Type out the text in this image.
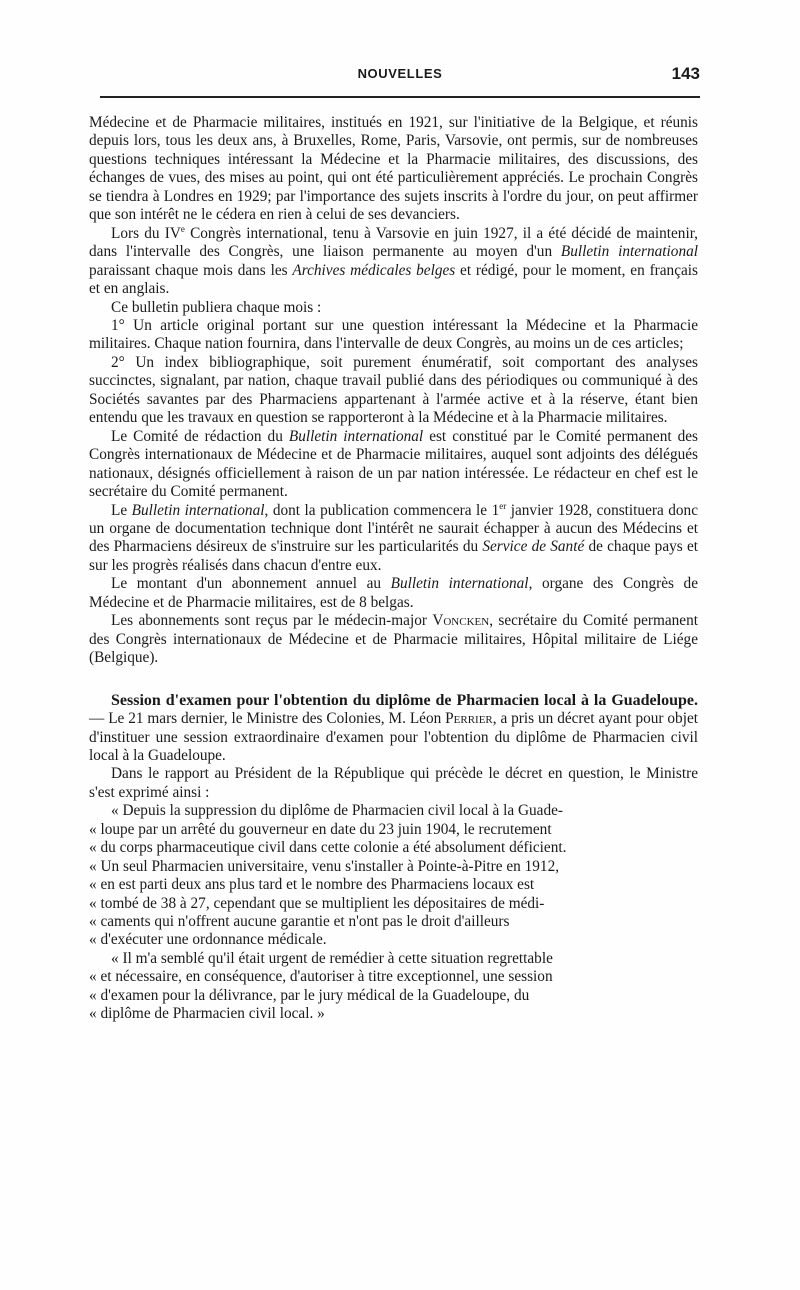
NOUVELLES	143

Médecine et de Pharmacie militaires, institués en 1921, sur l'initiative de la Belgique, et réunis depuis lors, tous les deux ans, à Bruxelles, Rome, Paris, Varsovie, ont permis, sur de nombreuses questions techniques intéressant la Médecine et la Pharmacie militaires, des discussions, des échanges de vues, des mises au point, qui ont été particulièrement appréciés. Le prochain Congrès se tiendra à Londres en 1929; par l'importance des sujets inscrits à l'ordre du jour, on peut affirmer que son intérêt ne le cédera en rien à celui de ses devanciers.

Lors du IVe Congrès international, tenu à Varsovie en juin 1927, il a été décidé de maintenir, dans l'intervalle des Congrès, une liaison permanente au moyen d'un Bulletin international paraissant chaque mois dans les Archives médicales belges et rédigé, pour le moment, en français et en anglais.

Ce bulletin publiera chaque mois :

1° Un article original portant sur une question intéressant la Médecine et la Pharmacie militaires. Chaque nation fournira, dans l'intervalle de deux Congrès, au moins un de ces articles;

2° Un index bibliographique, soit purement énumératif, soit comportant des analyses succinctes, signalant, par nation, chaque travail publié dans des périodiques ou communiqué à des Sociétés savantes par des Pharmaciens appartenant à l'armée active et à la réserve, étant bien entendu que les travaux en question se rapporteront à la Médecine et à la Pharmacie militaires.

Le Comité de rédaction du Bulletin international est constitué par le Comité permanent des Congrès internationaux de Médecine et de Pharmacie militaires, auquel sont adjoints des délégués nationaux, désignés officiellement à raison de un par nation intéressée. Le rédacteur en chef est le secrétaire du Comité permanent.

Le Bulletin international, dont la publication commencera le 1er janvier 1928, constituera donc un organe de documentation technique dont l'intérêt ne saurait échapper à aucun des Médecins et des Pharmaciens désireux de s'instruire sur les particularités du Service de Santé de chaque pays et sur les progrès réalisés dans chacun d'entre eux.

Le montant d'un abonnement annuel au Bulletin international, organe des Congrès de Médecine et de Pharmacie militaires, est de 8 belgas.

Les abonnements sont reçus par le médecin-major Voncken, secrétaire du Comité permanent des Congrès internationaux de Médecine et de Pharmacie militaires, Hôpital militaire de Liége (Belgique).

Session d'examen pour l'obtention du diplôme de Pharmacien local à la Guadeloupe. — Le 21 mars dernier, le Ministre des Colonies, M. Léon Perrier, a pris un décret ayant pour objet d'instituer une session extraordinaire d'examen pour l'obtention du diplôme de Pharmacien civil local à la Guadeloupe.

Dans le rapport au Président de la République qui précède le décret en question, le Ministre s'est exprimé ainsi :

« Depuis la suppression du diplôme de Pharmacien civil local à la Guade-

« loupe par un arrêté du gouverneur en date du 23 juin 1904, le recrutement

« du corps pharmaceutique civil dans cette colonie a été absolument déficient.

« Un seul Pharmacien universitaire, venu s'installer à Pointe-à-Pitre en 1912,

« en est parti deux ans plus tard et le nombre des Pharmaciens locaux est

« tombé de 38 à 27, cependant que se multiplient les dépositaires de médi-

« caments qui n'offrent aucune garantie et n'ont pas le droit d'ailleurs

« d'exécuter une ordonnance médicale.

« Il m'a semblé qu'il était urgent de remédier à cette situation regrettable

« et nécessaire, en conséquence, d'autoriser à titre exceptionnel, une session

« d'examen pour la délivrance, par le jury médical de la Guadeloupe, du

« diplôme de Pharmacien civil local. »
